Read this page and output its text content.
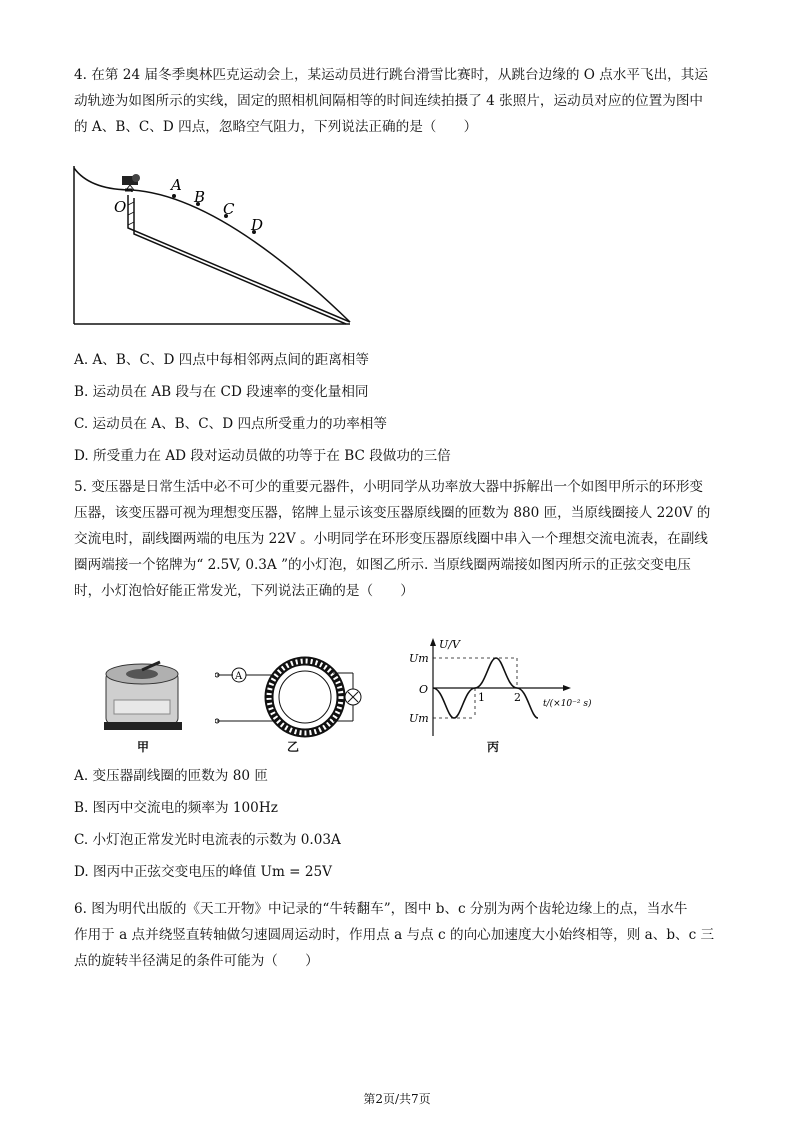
4. 在第 24 届冬季奥林匹克运动会上，某运动员进行跳台滑雪比赛时，从跳台边缘的 O 点水平飞出，其运
动轨迹为如图所示的实线，固定的照相机间隔相等的时间连续拍摄了 4 张照片，运动员对应的位置为图中
的 A、B、C、D 四点，忽略空气阻力，下列说法正确的是（　　）
O
A
B
C
D
A. A、B、C、D 四点中每相邻两点间的距离相等
B. 运动员在 AB 段与在 CD 段速率的变化量相同
C. 运动员在 A、B、C、D 四点所受重力的功率相等
D. 所受重力在 AD 段对运动员做的功等于在 BC 段做功的三倍
5. 变压器是日常生活中必不可少的重要元器件，小明同学从功率放大器中拆解出一个如图甲所示的环形变
压器，该变压器可视为理想变压器，铭牌上显示该变压器原线圈的匝数为 880 匝，当原线圈接人 220V 的
交流电时，副线圈两端的电压为 22V 。小明同学在环形变压器原线圈中串入一个理想交流电流表，在副线
圈两端接一个铭牌为“ 2.5V, 0.3A ”的小灯泡，如图乙所示. 当原线圈两端接如图丙所示的正弦交变电压
时，小灯泡恰好能正常发光，下列说法正确的是（　　）
甲
A
乙
U/V
Um
O
Um
1	2 t/(×10⁻² s)
丙
A. 变压器副线圈的匝数为 80 匝
B. 图丙中交流电的频率为 100Hz
C. 小灯泡正常发光时电流表的示数为 0.03A
D. 图丙中正弦交变电压的峰值 Um = 25V
6. 图为明代出版的《天工开物》中记录的“牛转翻车”，图中 b、c 分别为两个齿轮边缘上的点，当水牛
作用于 a 点并绕竖直转轴做匀速圆周运动时，作用点 a 与点 c 的向心加速度大小始终相等，则 a、b、c 三
点的旋转半径满足的条件可能为（　　）
第2页/共7页
